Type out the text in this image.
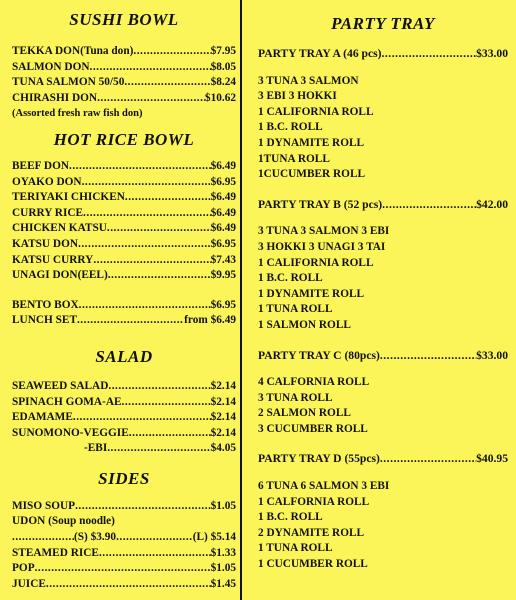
SUSHI BOWL
TEKKA DON(Tuna don) .....	$7.95
SALMON DON .....	$8.05
TUNA SALMON 50/50 .....	$8.24
CHIRASHI DON .....	$10.62
(Assorted fresh raw fish don)
HOT RICE BOWL
BEEF DON .....	$6.49
OYAKO DON .....	$6.95
TERIYAKI CHICKEN .....	$6.49
CURRY RICE .....	$6.49
CHICKEN KATSU .....	$6.49
KATSU DON .....	$6.95
KATSU CURRY .....	$7.43
UNAGI DON(EEL) .....	$9.95
BENTO BOX .....	$6.95
LUNCH SET .....	from $6.49
SALAD
SEAWEED SALAD .....	$2.14
SPINACH GOMA-AE .....	$2.14
EDAMAME .....	$2.14
SUNOMONO-VEGGIE .....	$2.14
-EBI .....	$4.05
SIDES
MISO SOUP .....	$1.05
UDON (Soup noodle)
.....
(S) $3.90 .....	(L) $5.14
STEAMED RICE .....	$1.33
POP .....	$1.05
JUICE .....	$1.45
PARTY TRAY
PARTY TRAY A (46 pcs) .....	$33.00
3 TUNA 3 SALMON
3 EBI 3 HOKKI
1 CALIFORNIA ROLL
1 B.C. ROLL
1 DYNAMITE ROLL
1TUNA ROLL
1CUCUMBER ROLL
PARTY TRAY B (52 pcs) .....	$42.00
3 TUNA 3 SALMON 3 EBI
3 HOKKI 3 UNAGI 3 TAI
1 CALIFORNIA ROLL
1 B.C. ROLL
1 DYNAMITE ROLL
1 TUNA ROLL
1 SALMON ROLL
PARTY TRAY C (80pcs) .....	$33.00
4 CALFORNIA ROLL
3 TUNA ROLL
2 SALMON ROLL
3 CUCUMBER ROLL
PARTY TRAY D (55pcs) .....	$40.95
6 TUNA 6 SALMON 3 EBI
1 CALFORNIA ROLL
1 B.C. ROLL
2 DYNAMITE ROLL
1 TUNA ROLL
1 CUCUMBER ROLL
